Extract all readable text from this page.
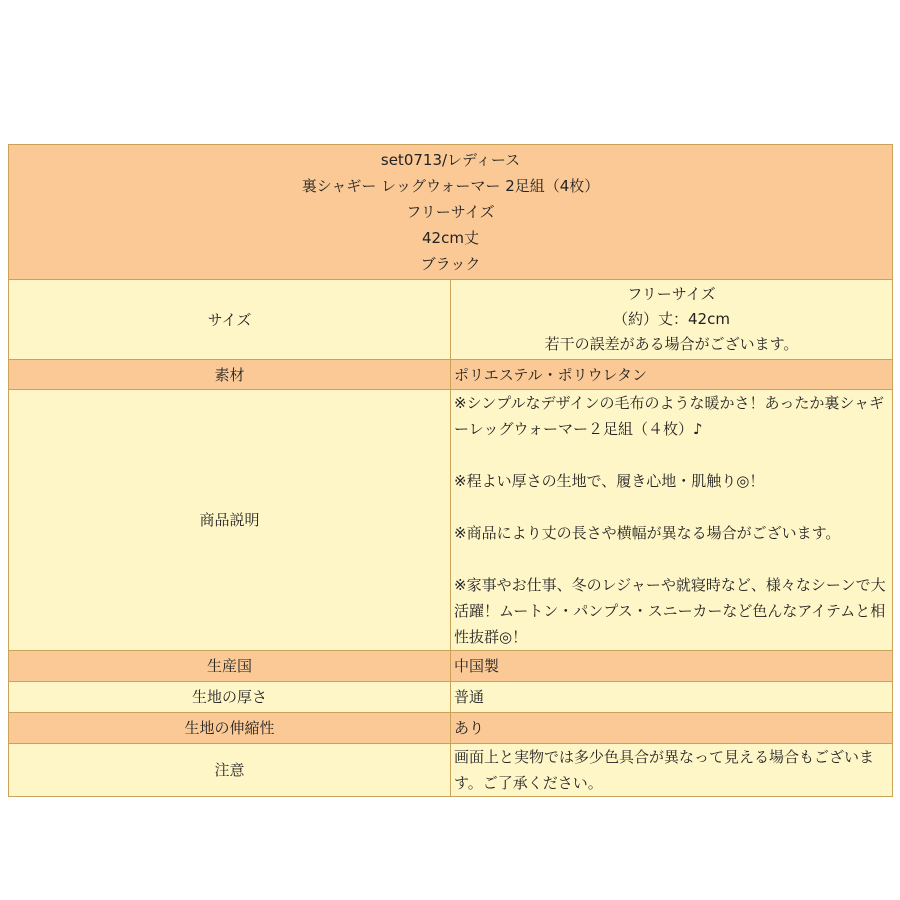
set0713/レディース
裏シャギー レッグウォーマー 2足組（4枚）
フリーサイズ
42cm丈
ブラック	

サイズ	フリーサイズ
（約）丈：42cm
若干の誤差がある場合がございます。

素材	ポリエステル・ポリウレタン
商品説明	※シンプルなデザインの毛布のような暖かさ！あったか裏シャギーレッグウォーマー２足組（４枚）♪
※程よい厚さの生地で、履き心地・肌触り◎！
※商品により丈の長さや横幅が異なる場合がございます。
※家事やお仕事、冬のレジャーや就寝時など、様々なシーンで大活躍！ムートン・パンプス・スニーカーなど色んなアイテムと相性抜群◎！

生産国	中国製
生地の厚さ	普通
生地の伸縮性	あり
注意	画面上と実物では多少色具合が異なって見える場合もございます。ご了承ください。
